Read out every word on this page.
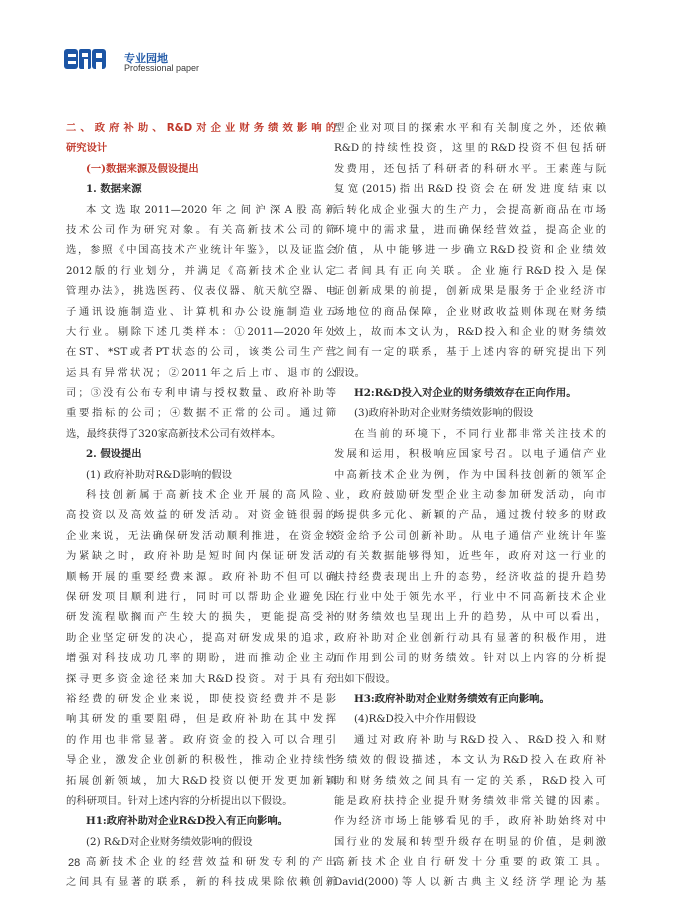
专业园地
Professional paper
二、政府补助、R&D对企业财务绩效影响的
研究设计
(一)数据来源及假设提出
1. 数据来源
本文选取2011—2020年之间沪深A股高新
技术公司作为研究对象。有关高新技术公司的筛
选，参照《中国高技术产业统计年鉴》，以及证监会
2012版的行业划分，并满足《高新技术企业认定
管理办法》，挑选医药、仪表仪器、航天航空器、电
子通讯设施制造业、计算机和办公设施制造业五
大行业。剔除下述几类样本：①2011—2020年处
在ST、*ST或者PT状态的公司，该类公司生产营
运具有异常状况；②2011年之后上市、退市的公
司；③没有公布专利申请与授权数量、政府补助等
重要指标的公司；④数据不正常的公司。通过筛
选，最终获得了320家高新技术公司有效样本。
2. 假设提出
(1) 政府补助对R&D影响的假设
科技创新属于高新技术企业开展的高风险、
高投资以及高效益的研发活动。对资金链很弱的
企业来说，无法确保研发活动顺利推进，在资金较
为紧缺之时，政府补助是短时间内保证研发活动
顺畅开展的重要经费来源。政府补助不但可以确
保研发项目顺利进行，同时可以帮助企业避免因
研发流程歇搁而产生较大的损失，更能提高受补
助企业坚定研发的决心，提高对研发成果的追求，
增强对科技成功几率的期盼，进而推动企业主动
探寻更多资金途径来加大R&D投资。对于具有充
裕经费的研发企业来说，即使投资经费并不是影
响其研发的重要阻碍，但是政府补助在其中发挥
的作用也非常显著。政府资金的投入可以合理引
导企业，激发企业创新的积极性，推动企业持续性
拓展创新领域，加大R&D投资以便开发更加新颖
的科研项目。针对上述内容的分析提出以下假设。
H1:政府补助对企业R&D投入有正向影响。
(2) R&D对企业财务绩效影响的假设
高新技术企业的经营效益和研发专利的产出
之间具有显著的联系，新的科技成果除依赖创新
型企业对项目的探索水平和有关制度之外，还依赖
R&D的持续性投资，这里的R&D投资不但包括研
发费用，还包括了科研者的科研水平。王素莲与阮
复宽(2015)指出R&D投资会在研发进度结束以
后转化成企业强大的生产力，会提高新商品在市场
环境中的需求量，进而确保经营效益，提高企业的
价值，从中能够进一步确立R&D投资和企业绩效
二者间具有正向关联。企业施行R&D投入是保
证创新成果的前提，创新成果是服务于企业经济市
场地位的商品保障，企业财政收益则体现在财务绩
效上，故而本文认为，R&D投入和企业的财务绩效
之间有一定的联系，基于上述内容的研究提出下列
假设。
H2:R&D投入对企业的财务绩效存在正向作用。
(3)政府补助对企业财务绩效影响的假设
在当前的环境下，不同行业都非常关注技术的
发展和运用，积极响应国家号召。以电子通信产业
中高新技术企业为例，作为中国科技创新的领军企
业，政府鼓励研发型企业主动参加研发活动，向市
场提供多元化、新颖的产品，通过拨付较多的财政
资金给予公司创新补助。从电子通信产业统计年鉴
的有关数据能够得知，近些年，政府对这一行业的
扶持经费表现出上升的态势，经济收益的提升趋势
在行业中处于领先水平，行业中不同高新技术企业
的财务绩效也呈现出上升的趋势，从中可以看出，
政府补助对企业创新行动具有显著的积极作用，进
而作用到公司的财务绩效。针对以上内容的分析提
出如下假设。
H3:政府补助对企业财务绩效有正向影响。
(4)R&D投入中介作用假设
通过对政府补助与R&D投入、R&D投入和财
务绩效的假设描述，本文认为R&D投入在政府补
助和财务绩效之间具有一定的关系，R&D投入可
能是政府扶持企业提升财务绩效非常关键的因素。
作为经济市场上能够看见的手，政府补助始终对中
国行业的发展和转型升级存在明显的价值，是刺激
高新技术企业自行研发十分重要的政策工具。
David(2000)等人以新古典主义经济学理论为基
28
